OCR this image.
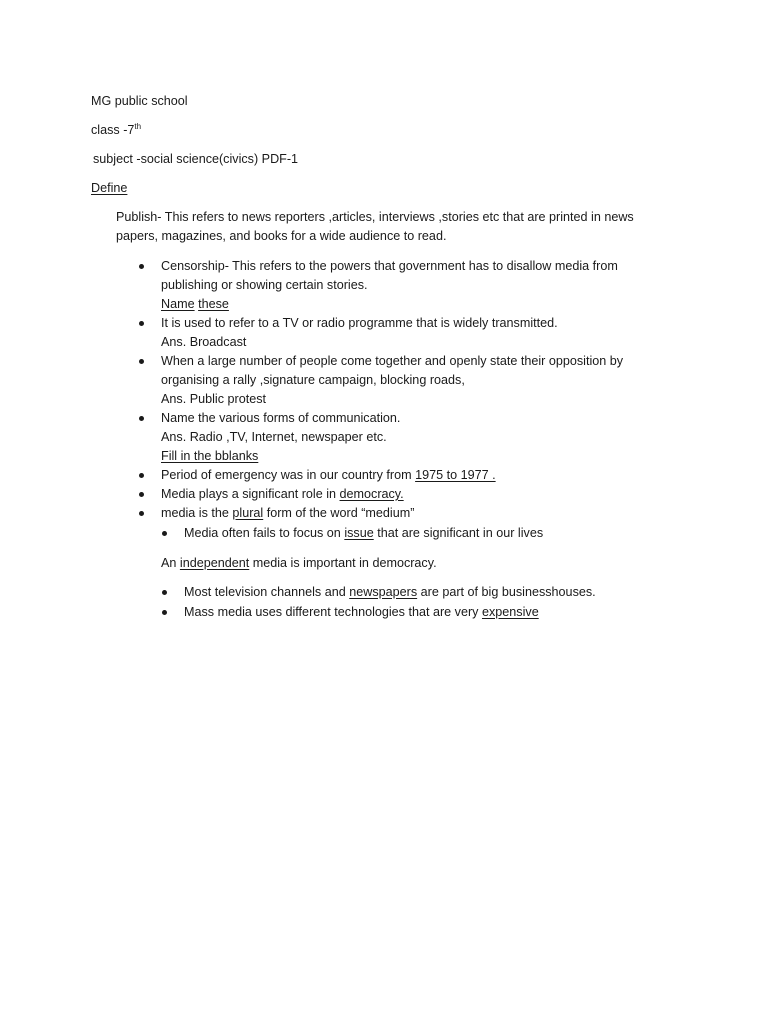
MG public school
class -7th
subject -social science(civics) PDF-1
Define
Publish- This refers to news reporters ,articles, interviews ,stories etc that are printed in news
papers, magazines, and books for a wide audience to read.
Censorship- This refers to the powers that government has to disallow media from
publishing or showing certain stories.
Name these
It is used to refer to a TV or radio programme that is widely transmitted.
Ans. Broadcast
When a large number of people come together and openly state their opposition by
organising a rally ,signature campaign, blocking roads,
Ans. Public protest
Name the various forms of communication.
Ans. Radio ,TV, Internet, newspaper etc.
Fill in the bblanks
Period of emergency was in our country from 1975 to 1977 .
Media plays a significant role in democracy.
media is the plural form of the word “medium”
Media often fails to focus on issue that are significant in our lives
An independent media is important in democracy.
Most television channels and newspapers are part of big businesshouses.
Mass media uses different technologies that are very expensive
